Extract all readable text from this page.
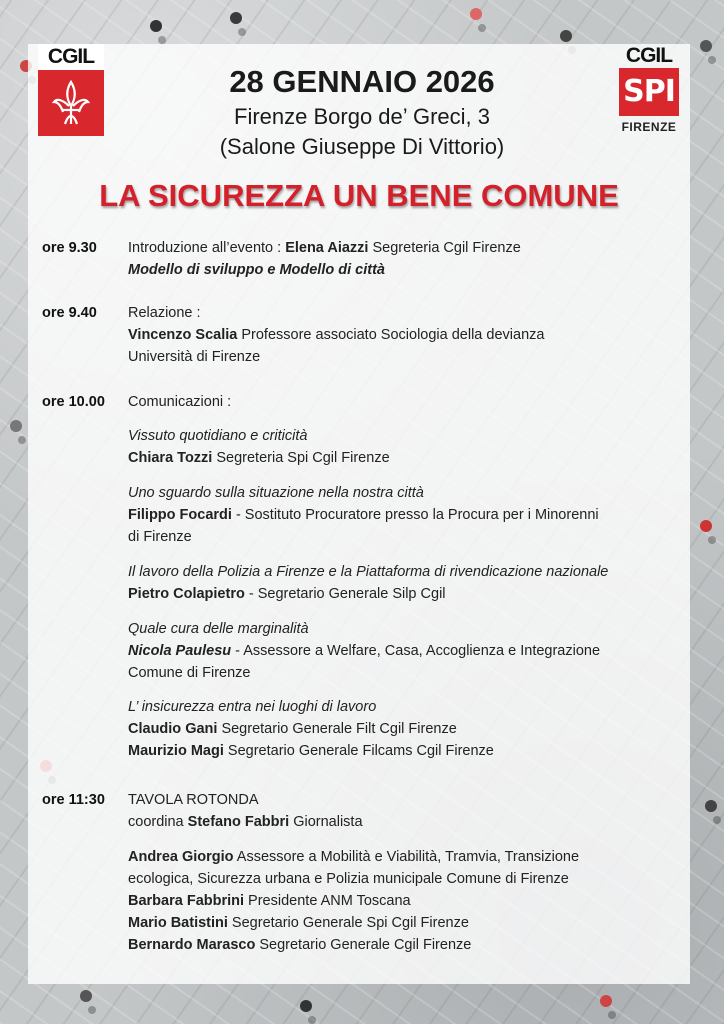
CGIL	CGIL
SPI
FIRENZE
28 GENNAIO 2026
Firenze Borgo de’ Greci, 3
(Salone Giuseppe Di Vittorio)
LA SICUREZZA UN BENE COMUNE
ore 9.30 Introduzione all’evento : Elena Aiazzi Segreteria Cgil Firenze
Modello di sviluppo e Modello di città
ore 9.40 Relazione :
Vincenzo Scalia Professore associato Sociologia della devianza
Università di Firenze
ore 10.00 Comunicazioni :
Vissuto quotidiano e criticità
Chiara Tozzi Segreteria Spi Cgil Firenze
Uno sguardo sulla situazione nella nostra città
Filippo Focardi - Sostituto Procuratore presso la Procura per i Minorenni
di Firenze
Il lavoro della Polizia a Firenze e la Piattaforma di rivendicazione nazionale
Pietro Colapietro - Segretario Generale Silp Cgil
Quale cura delle marginalità
Nicola Paulesu - Assessore a Welfare, Casa, Accoglienza e Integrazione
Comune di Firenze
L’ insicurezza entra nei luoghi di lavoro
Claudio Gani Segretario Generale Filt Cgil Firenze
Maurizio Magi Segretario Generale Filcams Cgil Firenze
ore 11:30 TAVOLA ROTONDA
coordina Stefano Fabbri Giornalista
Andrea Giorgio Assessore a Mobilità e Viabilità, Tramvia, Transizione
ecologica, Sicurezza urbana e Polizia municipale Comune di Firenze
Barbara Fabbrini Presidente ANM Toscana
Mario Batistini Segretario Generale Spi Cgil Firenze
Bernardo Marasco Segretario Generale Cgil Firenze
